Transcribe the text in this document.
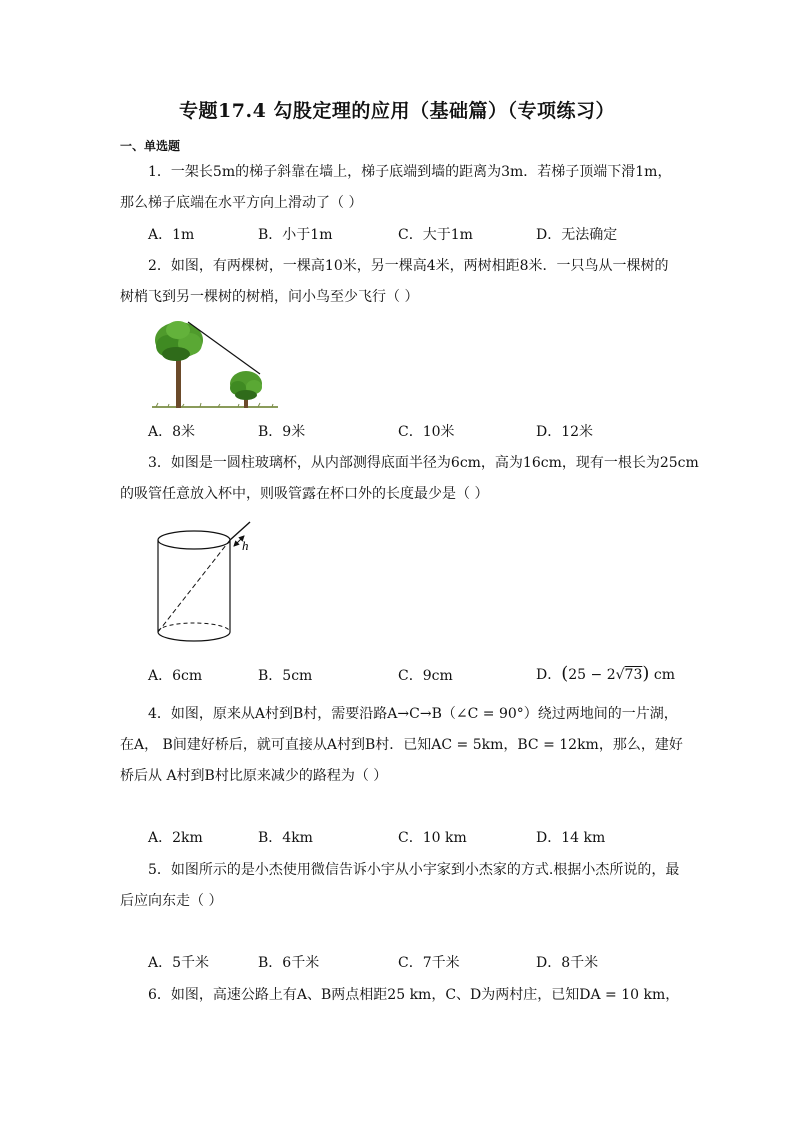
专题17.4 勾股定理的应用（基础篇）（专项练习）
一、单选题
1．一架长5m的梯子斜靠在墙上，梯子底端到墙的距离为3m．若梯子顶端下滑1m，
那么梯子底端在水平方向上滑动了（ ）
A．1m	B．小于1m	C．大于1m	D．无法确定
2．如图，有两棵树，一棵高10米，另一棵高4米，两树相距8米．一只鸟从一棵树的
树梢飞到另一棵树的树梢，问小鸟至少飞行（ ）
A．8米	B．9米	C．10米	D．12米
3．如图是一圆柱玻璃杯，从内部测得底面半径为6cm，高为16cm，现有一根长为25cm
的吸管任意放入杯中，则吸管露在杯口外的长度最少是（ ）
h
A．6cm	B．5cm	C．9cm	D．(25 − 2√73) cm
4．如图，原来从A村到B村，需要沿路A→C→B（∠C = 90°）绕过两地间的一片湖，
在A， B间建好桥后，就可直接从A村到B村．已知AC = 5km，BC = 12km，那么，建好
桥后从 A村到B村比原来减少的路程为（ ）
A．2km	B．4km	C．10 km	D．14 km
5．如图所示的是小杰使用微信告诉小宇从小宇家到小杰家的方式.根据小杰所说的，最
后应向东走（ ）
A．5千米	B．6千米	C．7千米	D．8千米
6．如图，高速公路上有A、B两点相距25 km，C、D为两村庄，已知DA = 10 km，
